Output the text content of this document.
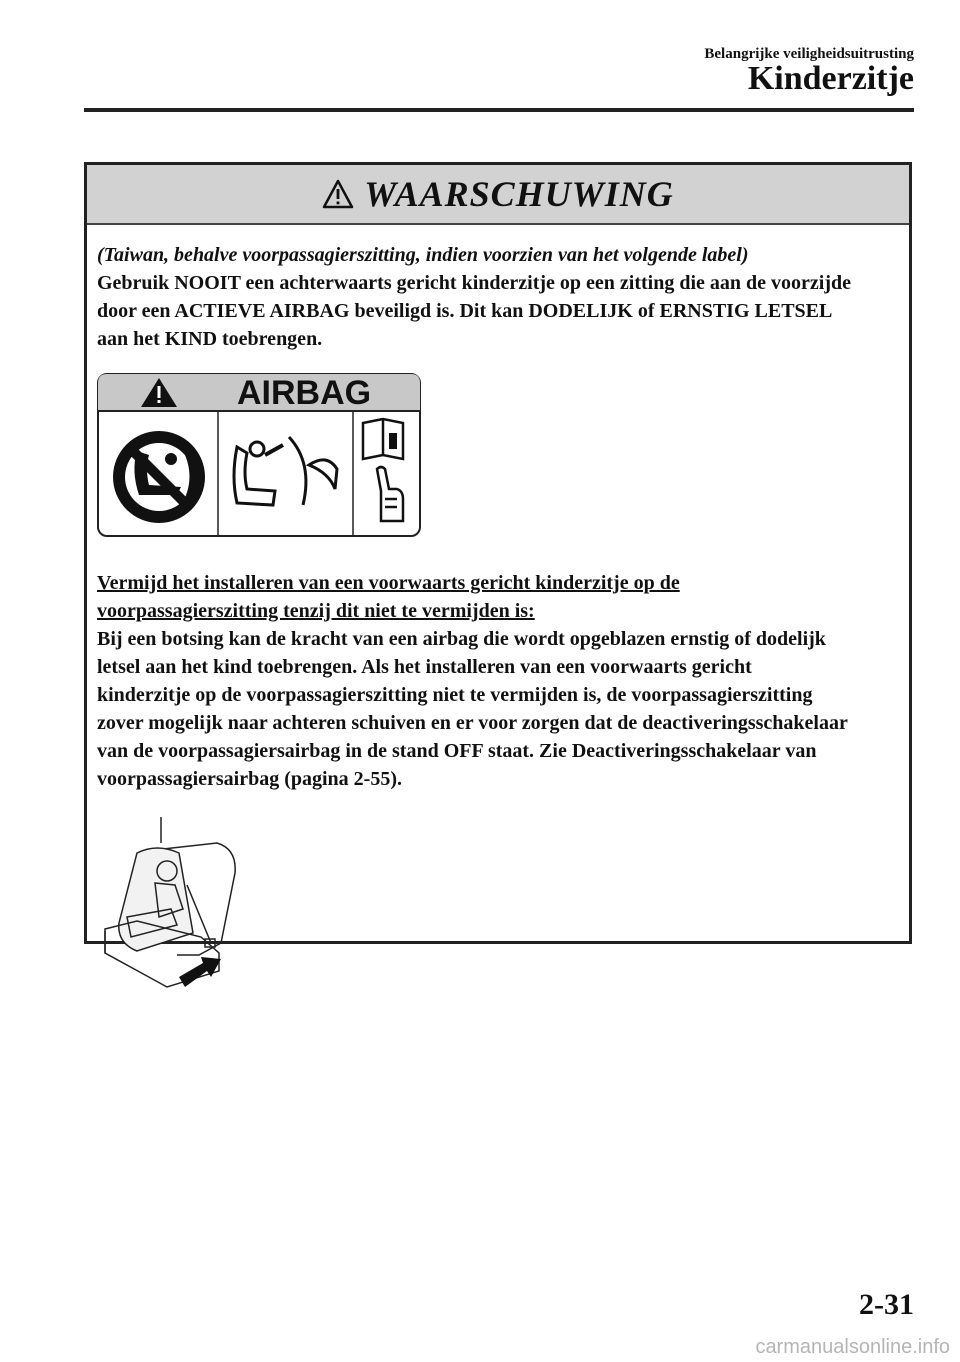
Belangrijke veiligheidsuitrusting
Kinderzitje
WAARSCHUWING

(Taiwan, behalve voorpassagierszitting, indien voorzien van het volgende label)
Gebruik NOOIT een achterwaarts gericht kinderzitje op een zitting die aan de voorzijde
door een ACTIEVE AIRBAG beveiligd is. Dit kan DODELIJK of ERNSTIG LETSEL
aan het KIND toebrengen.

AIRBAG

Vermijd het installeren van een voorwaarts gericht kinderzitje op de
voorpassagierszitting tenzij dit niet te vermijden is:

Bij een botsing kan de kracht van een airbag die wordt opgeblazen ernstig of dodelijk
letsel aan het kind toebrengen. Als het installeren van een voorwaarts gericht
kinderzitje op de voorpassagierszitting niet te vermijden is, de voorpassagierszitting
zover mogelijk naar achteren schuiven en er voor zorgen dat de deactiveringsschakelaar
van de voorpassagiersairbag in de stand OFF staat. Zie Deactiveringsschakelaar van
voorpassagiersairbag (pagina 2-55).

2-31
carmanualsonline.info
